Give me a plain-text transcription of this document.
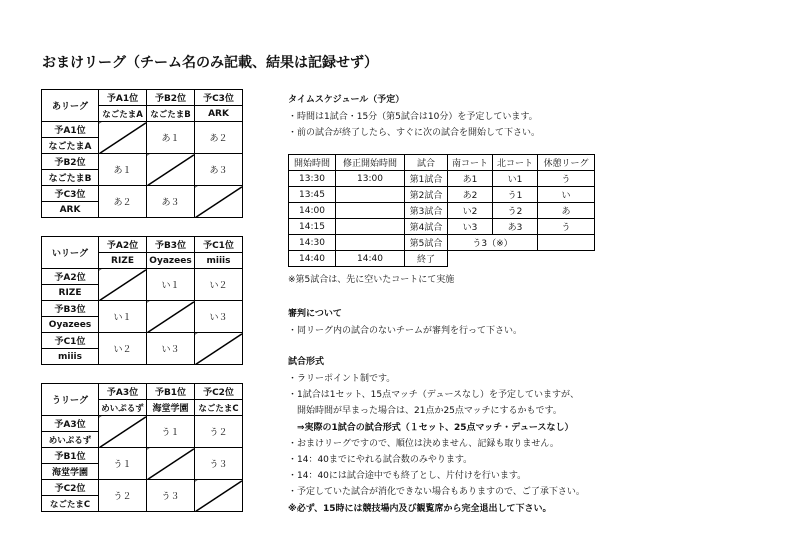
おまけリーグ（チーム名のみ記載、結果は記録せず）
あリーグ	予A1位	予B2位	予C3位
	なごたまA	なごたまB	ARK
予A1位		あ１	あ２
なごたまA			
予B2位	あ１		あ３
なごたまB			
予C3位	あ２	あ３	
ARK			
いリーグ	予A2位	予B3位	予C1位
	RIZE	Oyazees	miiis
予A2位		い１	い２
RIZE			
予B3位	い１		い３
Oyazees			
予C1位	い２	い３	
miiis			
うリーグ	予A3位	予B1位	予C2位
	めいぷるず	海堂学園	なごたまC
予A3位		う１	う２
めいぷるず			
予B1位	う１		う３
海堂学園			
予C2位	う２	う３	
なごたまC			
タイムスケジュール（予定）
・時間は1試合・15分（第5試合は10分）を予定しています。
・前の試合が終了したら、すぐに次の試合を開始して下さい。
開始時間	修正開始時間	試合	南コート	北コート	休憩リーグ
13:30	13:00	第1試合	あ1	い1	う
13:45		第2試合	あ2	う1	い
14:00		第3試合	い2	う2	あ
14:15		第4試合	い3	あ3	う
14:30		第5試合	う3（※）		
14:40	14:40	終了			
※第5試合は、先に空いたコートにて実施
審判について
・同リーグ内の試合のないチームが審判を行って下さい。
試合形式
・ラリーポイント制です。
・1試合は1セット、15点マッチ（デュースなし）を予定していますが、
　開始時間が早まった場合は、21点か25点マッチにするかもです。
　⇒実際の1試合の試合形式（１セット、25点マッチ・デュースなし）
・おまけリーグですので、順位は決めません、記録も取りません。
・14：40までにやれる試合数のみやります。
・14：40には試合途中でも終了とし、片付けを行います。
・予定していた試合が消化できない場合もありますので、ご了承下さい。
※必ず、15時には競技場内及び観覧席から完全退出して下さい。
